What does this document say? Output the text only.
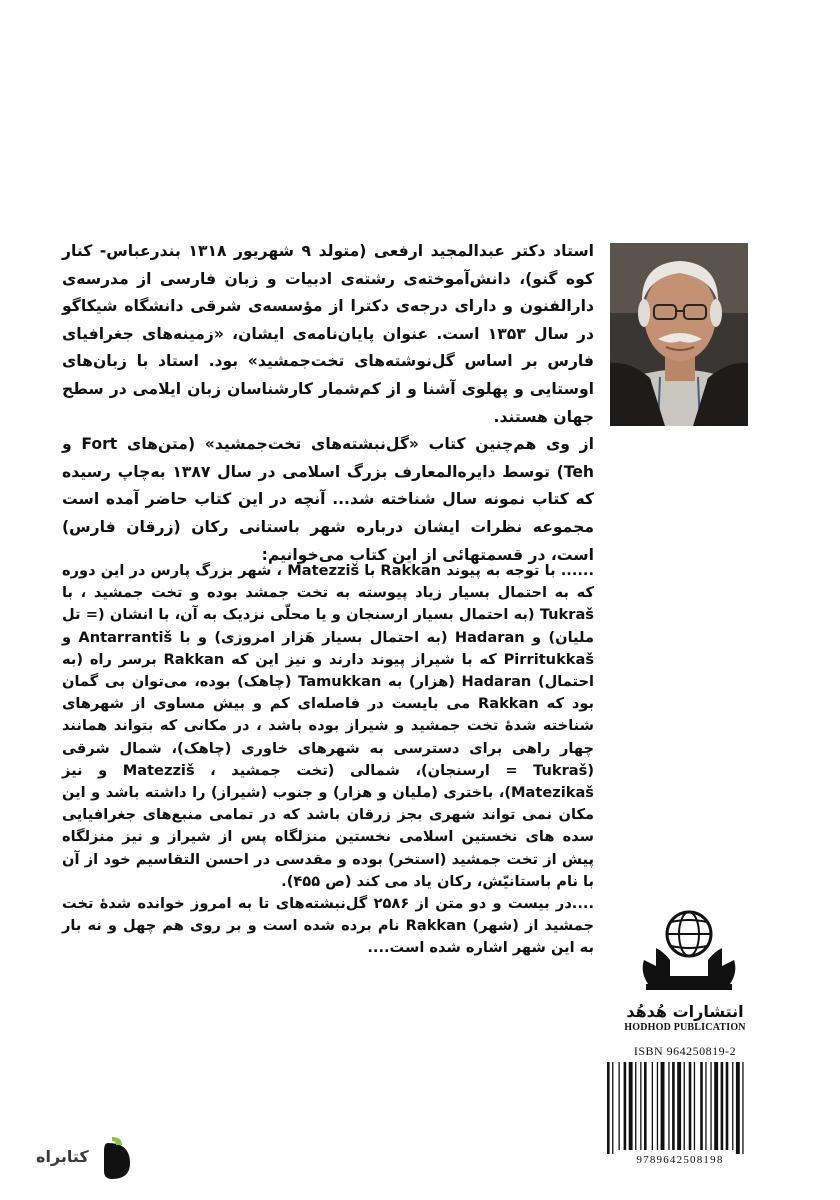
استاد دکتر عبدالمجید ارفعی (متولد ۹ شهریور ۱۳۱۸ بندرعباس- کنار کوه گنو)، دانش‌آموخته‌ی رشته‌ی ادبیات و زبان فارسی از مدرسه‌ی دارالفنون و دارای درجه‌ی دکترا از مؤسسه‌ی شرقی دانشگاه شیکاگو در سال ۱۳۵۳ است. عنوان پایان‌نامه‌ی ایشان، «زمینه‌های جغرافیای فارس بر اساس گل‌نوشته‌های تخت‌جمشید» بود. استاد با زبان‌های اوستایی و پهلوی آشنا و از کم‌شمار کارشناسان زبان ایلامی در سطح جهان هستند.

از وی هم‌چنین کتاب «گل‌نبشته‌های تخت‌جمشید» (متن‌های Fort و Teh) توسط دایره‌المعارف بزرگ اسلامی در سال ۱۳۸۷ به‌چاپ رسیده که کتاب نمونه سال شناخته شد... آنچه در این کتاب حاضر آمده است مجموعه نظرات ایشان درباره شهر باستانی رکان (زرقان فارس) است، در قسمتهائی از این کتاب می‌خوانیم:

...... با توجه به پیوند Rakkan با Matezziš ، شهر بزرگ پارس در این دوره که به احتمال بسیار زیاد پیوسته به تخت جمشد بوده و تخت جمشید ، با Tukraš (به احتمال بسیار ارسنجان و یا محلّی نزدیک به آن، با انشان (= تل ملیان) و Hadaran (به احتمال بسیار هَزار امروزی) و با Antarrantiš و Pirritukkaš که با شیراز پیوند دارند و نیز این که Rakkan برسر راه (به احتمال) Hadaran (هزار) به Tamukkan (چاهک) بوده، می‌توان بی گمان بود که Rakkan می بایست در فاصله‌ای کم و بیش مساوی از شهرهای شناخته شدهٔ تخت جمشید و شیراز بوده باشد ، در مکانی که بتواند همانند چهار راهی برای دسترسی به شهرهای خاوری (چاهک)، شمال شرقی (Tukraš = ارسنجان)، شمالی (تخت جمشید ، Matezziš و نیز Matezikaš)، باختری (ملیان و هزار) و جنوب (شیراز) را داشته باشد و این مکان نمی تواند شهری بجز زرقان باشد که در تمامی منبع‌های جغرافیایی سده های نخستین اسلامی نخستین منزلگاه پس از شیراز و نیز منزلگاه پیش از تخت جمشید (استخر) بوده و مقدسی در احسن التقاسیم خود از آن با نام باستانیّش، رکان یاد می کند (ص ۴۵۵).

....در بیست و دو متن از ۲۵۸۶ گل‌نبشته‌های تا به امروز خوانده شدهٔ تخت جمشید از (شهر) Rakkan نام برده شده است و بر روی هم چهل و نه بار به این شهر اشاره شده است....

انتشارات هُدهُد
HODHOD PUBLICATION
ISBN 964250819-2
9789642508198
کتابراه
